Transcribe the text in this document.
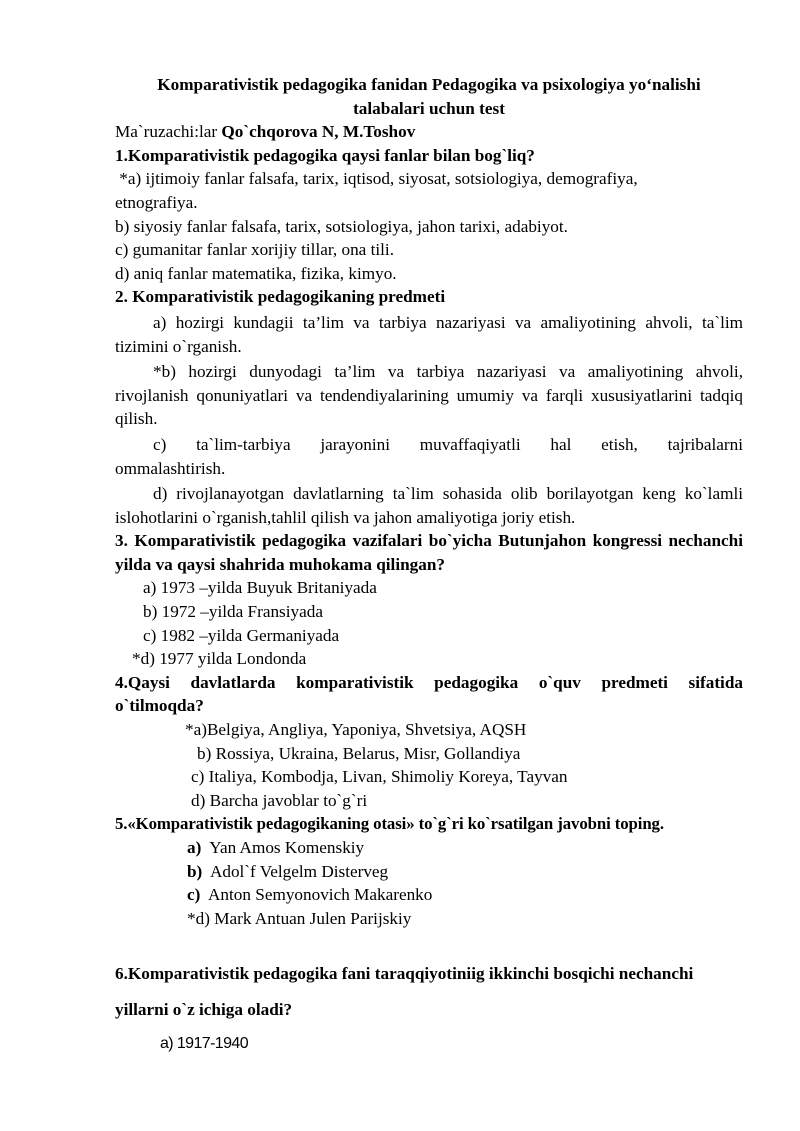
Komparativistik pedagogika fanidan Pedagogika va psixologiya yo‘nalishi

talabalari uchun test

Ma`ruzachi:lar Qo`chqorova N, M.Toshov

1.Komparativistik pedagogika qaysi fanlar bilan bog`liq?

*a) ijtimoiy fanlar falsafa, tarix, iqtisod, siyosat, sotsiologiya, demografiya,

etnografiya.

b) siyosiy fanlar falsafa, tarix, sotsiologiya, jahon tarixi, adabiyot.

c) gumanitar fanlar xorijiy tillar, ona tili.

d) aniq fanlar matematika, fizika, kimyo.

2. Komparativistik pedagogikaning predmeti

a) hozirgi kundagii ta’lim va tarbiya nazariyasi va amaliyotining ahvoli, ta`lim tizimini o`rganish.

*b) hozirgi dunyodagi ta’lim va tarbiya nazariyasi va amaliyotining ahvoli, rivojlanish qonuniyatlari va tendendiyalarining umumiy va farqli xususiyatlarini tadqiq qilish.

c) ta`lim-tarbiya jarayonini muvaffaqiyatli hal etish, tajribalarni ommalashtirish.

d) rivojlanayotgan davlatlarning ta`lim sohasida olib borilayotgan keng ko`lamli islohotlarini o`rganish,tahlil qilish va jahon amaliyotiga joriy etish.

3. Komparativistik pedagogika vazifalari bo`yicha Butunjahon kongressi nechanchi yilda va qaysi shahrida muhokama qilingan?

a) 1973 –yilda Buyuk Britaniyada

b) 1972 –yilda Fransiyada

c) 1982 –yilda Germaniyada

*d) 1977 yilda Londonda

4.Qaysi davlatlarda komparativistik pedagogika o`quv predmeti sifatida o`tilmoqda?

*a)Belgiya, Angliya, Yaponiya, Shvetsiya, AQSH

b) Rossiya, Ukraina, Belarus, Misr, Gollandiya

c) Italiya, Kombodja, Livan, Shimoliy Koreya, Tayvan

d) Barcha javoblar to`g`ri

5.«Komparativistik pedagogikaning otasi» to`g`ri ko`rsatilgan javobni toping.

a)  Yan Amos Komenskiy

b)  Adol`f Velgelm Disterveg

c)  Anton Semyonovich Makarenko

*d) Mark Antuan Julen Parijskiy

6.Komparativistik pedagogika fani taraqqiyotiniig ikkinchi bosqichi nechanchi yillarni o`z ichiga oladi?

a) 1917-1940
